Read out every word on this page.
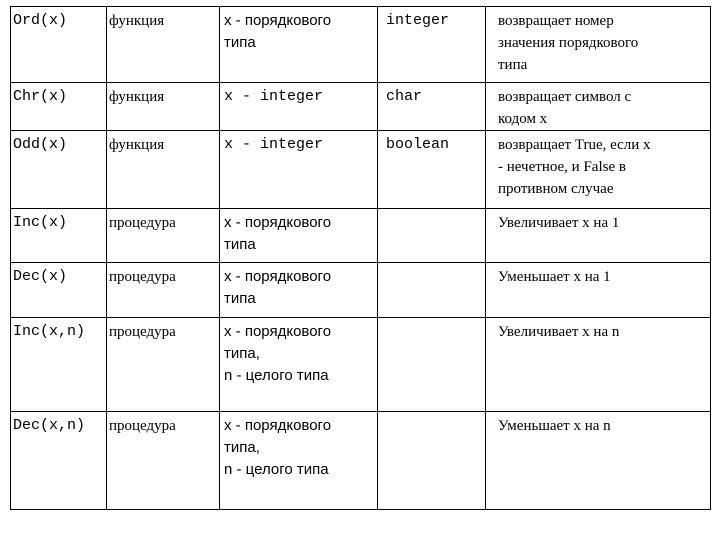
Ord(x)	функция	x - порядкового
типа	integer	возвращает номер
значения порядкового
типа

Chr(x)	функция	x - integer	char	возвращает символ с
кодом x

Odd(x)	функция	x - integer	boolean	возвращает True, если x
- нечетное, и False в
противном случае

Inc(x)	процедура	x - порядкового
типа		Увеличивает x на 1

Dec(x)	процедура	x - порядкового
типа		Уменьшает x на 1

Inc(x,n)	процедура	x - порядкового
типа,
n - целого типа		Увеличивает x на n

Dec(x,n)	процедура	x - порядкового
типа,
n - целого типа		Уменьшает x на n
